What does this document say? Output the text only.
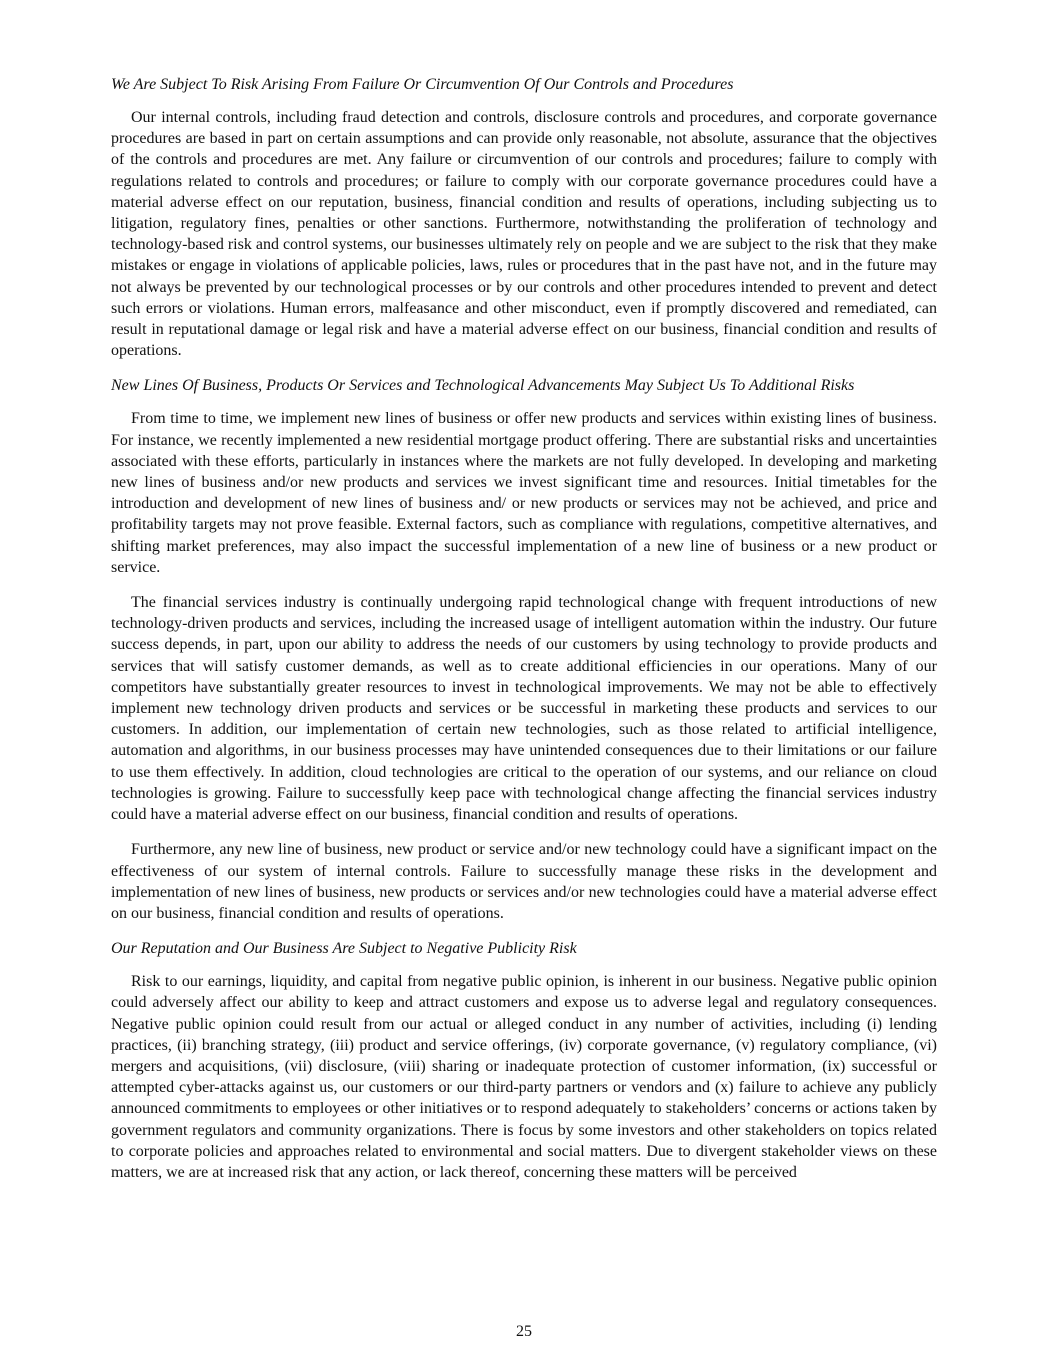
We Are Subject To Risk Arising From Failure Or Circumvention Of Our Controls and Procedures

Our internal controls, including fraud detection and controls, disclosure controls and procedures, and corporate governance procedures are based in part on certain assumptions and can provide only reasonable, not absolute, assurance that the objectives of the controls and procedures are met. Any failure or circumvention of our controls and procedures; failure to comply with regulations related to controls and procedures; or failure to comply with our corporate governance procedures could have a material adverse effect on our reputation, business, financial condition and results of operations, including subjecting us to litigation, regulatory fines, penalties or other sanctions. Furthermore, notwithstanding the proliferation of technology and technology-based risk and control systems, our businesses ultimately rely on people and we are subject to the risk that they make mistakes or engage in violations of applicable policies, laws, rules or procedures that in the past have not, and in the future may not always be prevented by our technological processes or by our controls and other procedures intended to prevent and detect such errors or violations. Human errors, malfeasance and other misconduct, even if promptly discovered and remediated, can result in reputational damage or legal risk and have a material adverse effect on our business, financial condition and results of operations.

New Lines Of Business, Products Or Services and Technological Advancements May Subject Us To Additional Risks

From time to time, we implement new lines of business or offer new products and services within existing lines of business. For instance, we recently implemented a new residential mortgage product offering. There are substantial risks and uncertainties associated with these efforts, particularly in instances where the markets are not fully developed. In developing and marketing new lines of business and/or new products and services we invest significant time and resources. Initial timetables for the introduction and development of new lines of business and/ or new products or services may not be achieved, and price and profitability targets may not prove feasible. External factors, such as compliance with regulations, competitive alternatives, and shifting market preferences, may also impact the successful implementation of a new line of business or a new product or service.

The financial services industry is continually undergoing rapid technological change with frequent introductions of new technology-driven products and services, including the increased usage of intelligent automation within the industry. Our future success depends, in part, upon our ability to address the needs of our customers by using technology to provide products and services that will satisfy customer demands, as well as to create additional efficiencies in our operations. Many of our competitors have substantially greater resources to invest in technological improvements. We may not be able to effectively implement new technology driven products and services or be successful in marketing these products and services to our customers. In addition, our implementation of certain new technologies, such as those related to artificial intelligence, automation and algorithms, in our business processes may have unintended consequences due to their limitations or our failure to use them effectively. In addition, cloud technologies are critical to the operation of our systems, and our reliance on cloud technologies is growing. Failure to successfully keep pace with technological change affecting the financial services industry could have a material adverse effect on our business, financial condition and results of operations.

Furthermore, any new line of business, new product or service and/or new technology could have a significant impact on the effectiveness of our system of internal controls. Failure to successfully manage these risks in the development and implementation of new lines of business, new products or services and/or new technologies could have a material adverse effect on our business, financial condition and results of operations.

Our Reputation and Our Business Are Subject to Negative Publicity Risk

Risk to our earnings, liquidity, and capital from negative public opinion, is inherent in our business. Negative public opinion could adversely affect our ability to keep and attract customers and expose us to adverse legal and regulatory consequences. Negative public opinion could result from our actual or alleged conduct in any number of activities, including (i) lending practices, (ii) branching strategy, (iii) product and service offerings, (iv) corporate governance, (v) regulatory compliance, (vi) mergers and acquisitions, (vii) disclosure, (viii) sharing or inadequate protection of customer information, (ix) successful or attempted cyber-attacks against us, our customers or our third-party partners or vendors and (x) failure to achieve any publicly announced commitments to employees or other initiatives or to respond adequately to stakeholders’ concerns or actions taken by government regulators and community organizations. There is focus by some investors and other stakeholders on topics related to corporate policies and approaches related to environmental and social matters. Due to divergent stakeholder views on these matters, we are at increased risk that any action, or lack thereof, concerning these matters will be perceived

25
